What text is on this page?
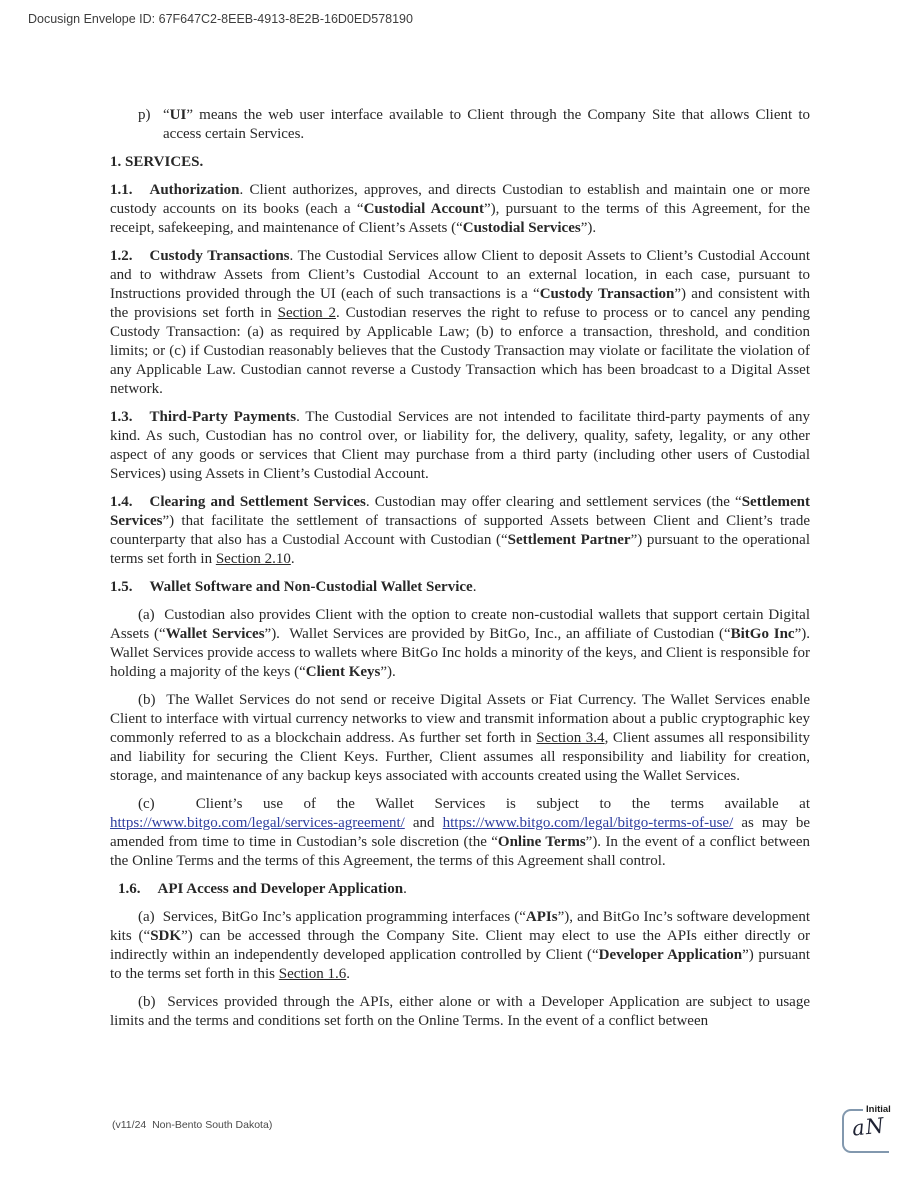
Docusign Envelope ID: 67F647C2-8EEB-4913-8E2B-16D0ED578190

p) “UI” means the web user interface available to Client through the Company Site that allows Client to access certain Services.

1. SERVICES.

1.1. Authorization. Client authorizes, approves, and directs Custodian to establish and maintain one or more custody accounts on its books (each a “Custodial Account”), pursuant to the terms of this Agreement, for the receipt, safekeeping, and maintenance of Client’s Assets (“Custodial Services”).

1.2. Custody Transactions. The Custodial Services allow Client to deposit Assets to Client’s Custodial Account and to withdraw Assets from Client’s Custodial Account to an external location, in each case, pursuant to Instructions provided through the UI (each of such transactions is a “Custody Transaction”) and consistent with the provisions set forth in Section 2. Custodian reserves the right to refuse to process or to cancel any pending Custody Transaction: (a) as required by Applicable Law; (b) to enforce a transaction, threshold, and condition limits; or (c) if Custodian reasonably believes that the Custody Transaction may violate or facilitate the violation of any Applicable Law. Custodian cannot reverse a Custody Transaction which has been broadcast to a Digital Asset network.

1.3. Third-Party Payments. The Custodial Services are not intended to facilitate third-party payments of any kind. As such, Custodian has no control over, or liability for, the delivery, quality, safety, legality, or any other aspect of any goods or services that Client may purchase from a third party (including other users of Custodial Services) using Assets in Client’s Custodial Account.

1.4. Clearing and Settlement Services. Custodian may offer clearing and settlement services (the “Settlement Services”) that facilitate the settlement of transactions of supported Assets between Client and Client’s trade counterparty that also has a Custodial Account with Custodian (“Settlement Partner”) pursuant to the operational terms set forth in Section 2.10.

1.5. Wallet Software and Non-Custodial Wallet Service.

(a)  Custodian also provides Client with the option to create non-custodial wallets that support certain Digital Assets (“Wallet Services”).  Wallet Services are provided by BitGo, Inc., an affiliate of Custodian (“BitGo Inc”). Wallet Services provide access to wallets where BitGo Inc holds a minority of the keys, and Client is responsible for holding a majority of the keys (“Client Keys”).

(b)  The Wallet Services do not send or receive Digital Assets or Fiat Currency. The Wallet Services enable Client to interface with virtual currency networks to view and transmit information about a public cryptographic key commonly referred to as a blockchain address. As further set forth in Section 3.4, Client assumes all responsibility and liability for securing the Client Keys. Further, Client assumes all responsibility and liability for creation, storage, and maintenance of any backup keys associated with accounts created using the Wallet Services.

(c)  Client’s use of the Wallet Services is subject to the terms available at https://www.bitgo.com/legal/services-agreement/ and https://www.bitgo.com/legal/bitgo-terms-of-use/ as may be amended from time to time in Custodian’s sole discretion (the “Online Terms”). In the event of a conflict between the Online Terms and the terms of this Agreement, the terms of this Agreement shall control.

1.6. API Access and Developer Application.

(a)  Services, BitGo Inc’s application programming interfaces (“APIs”), and BitGo Inc’s software development kits (“SDK”) can be accessed through the Company Site. Client may elect to use the APIs either directly or indirectly within an independently developed application controlled by Client (“Developer Application”) pursuant to the terms set forth in this Section 1.6.

(b)  Services provided through the APIs, either alone or with a Developer Application are subject to usage limits and the terms and conditions set forth on the Online Terms. In the event of a conflict between

(v11/24  Non-Bento South Dakota)
Initial
aN
